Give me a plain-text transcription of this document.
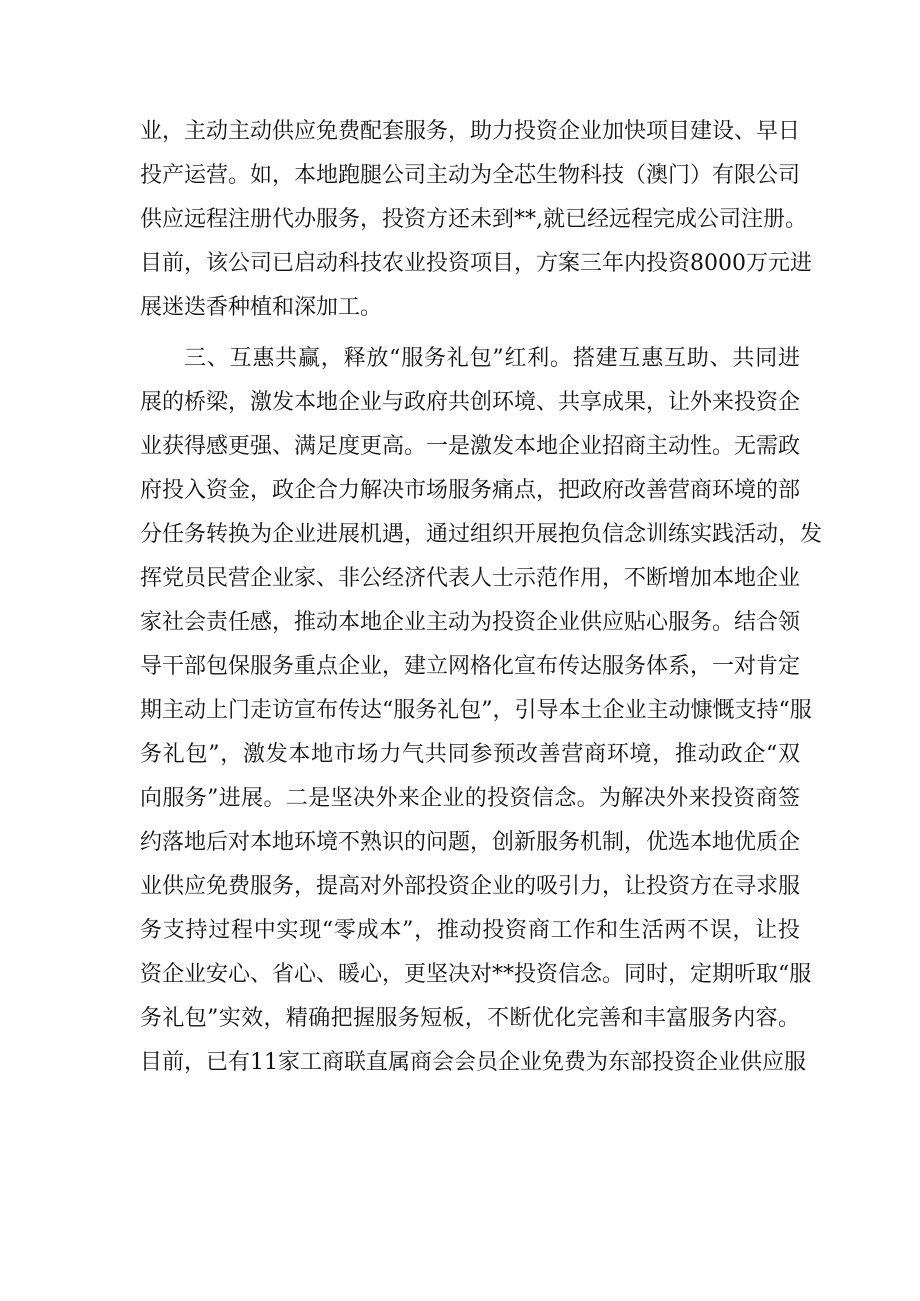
业，主动主动供应免费配套服务，助力投资企业加快项目建设、早日
投产运营。如，本地跑腿公司主动为全芯生物科技（澳门）有限公司
供应远程注册代办服务，投资方还未到**,就已经远程完成公司注册。
目前，该公司已启动科技农业投资项目，方案三年内投资8000万元进
展迷迭香种植和深加工。
三、互惠共赢，释放“服务礼包”红利。搭建互惠互助、共同进
展的桥梁，激发本地企业与政府共创环境、共享成果，让外来投资企
业获得感更强、满足度更高。一是激发本地企业招商主动性。无需政
府投入资金，政企合力解决市场服务痛点，把政府改善营商环境的部
分任务转换为企业进展机遇，通过组织开展抱负信念训练实践活动，发
挥党员民营企业家、非公经济代表人士示范作用，不断增加本地企业
家社会责任感，推动本地企业主动为投资企业供应贴心服务。结合领
导干部包保服务重点企业，建立网格化宣布传达服务体系，一对肯定
期主动上门走访宣布传达“服务礼包”，引导本土企业主动慷慨支持“服
务礼包”，激发本地市场力气共同参预改善营商环境，推动政企“双
向服务”进展。二是坚决外来企业的投资信念。为解决外来投资商签
约落地后对本地环境不熟识的问题，创新服务机制，优选本地优质企
业供应免费服务，提高对外部投资企业的吸引力，让投资方在寻求服
务支持过程中实现“零成本”，推动投资商工作和生活两不误，让投
资企业安心、省心、暖心，更坚决对**投资信念。同时，定期听取“服
务礼包”实效，精确把握服务短板，不断优化完善和丰富服务内容。
目前，已有11家工商联直属商会会员企业免费为东部投资企业供应服
